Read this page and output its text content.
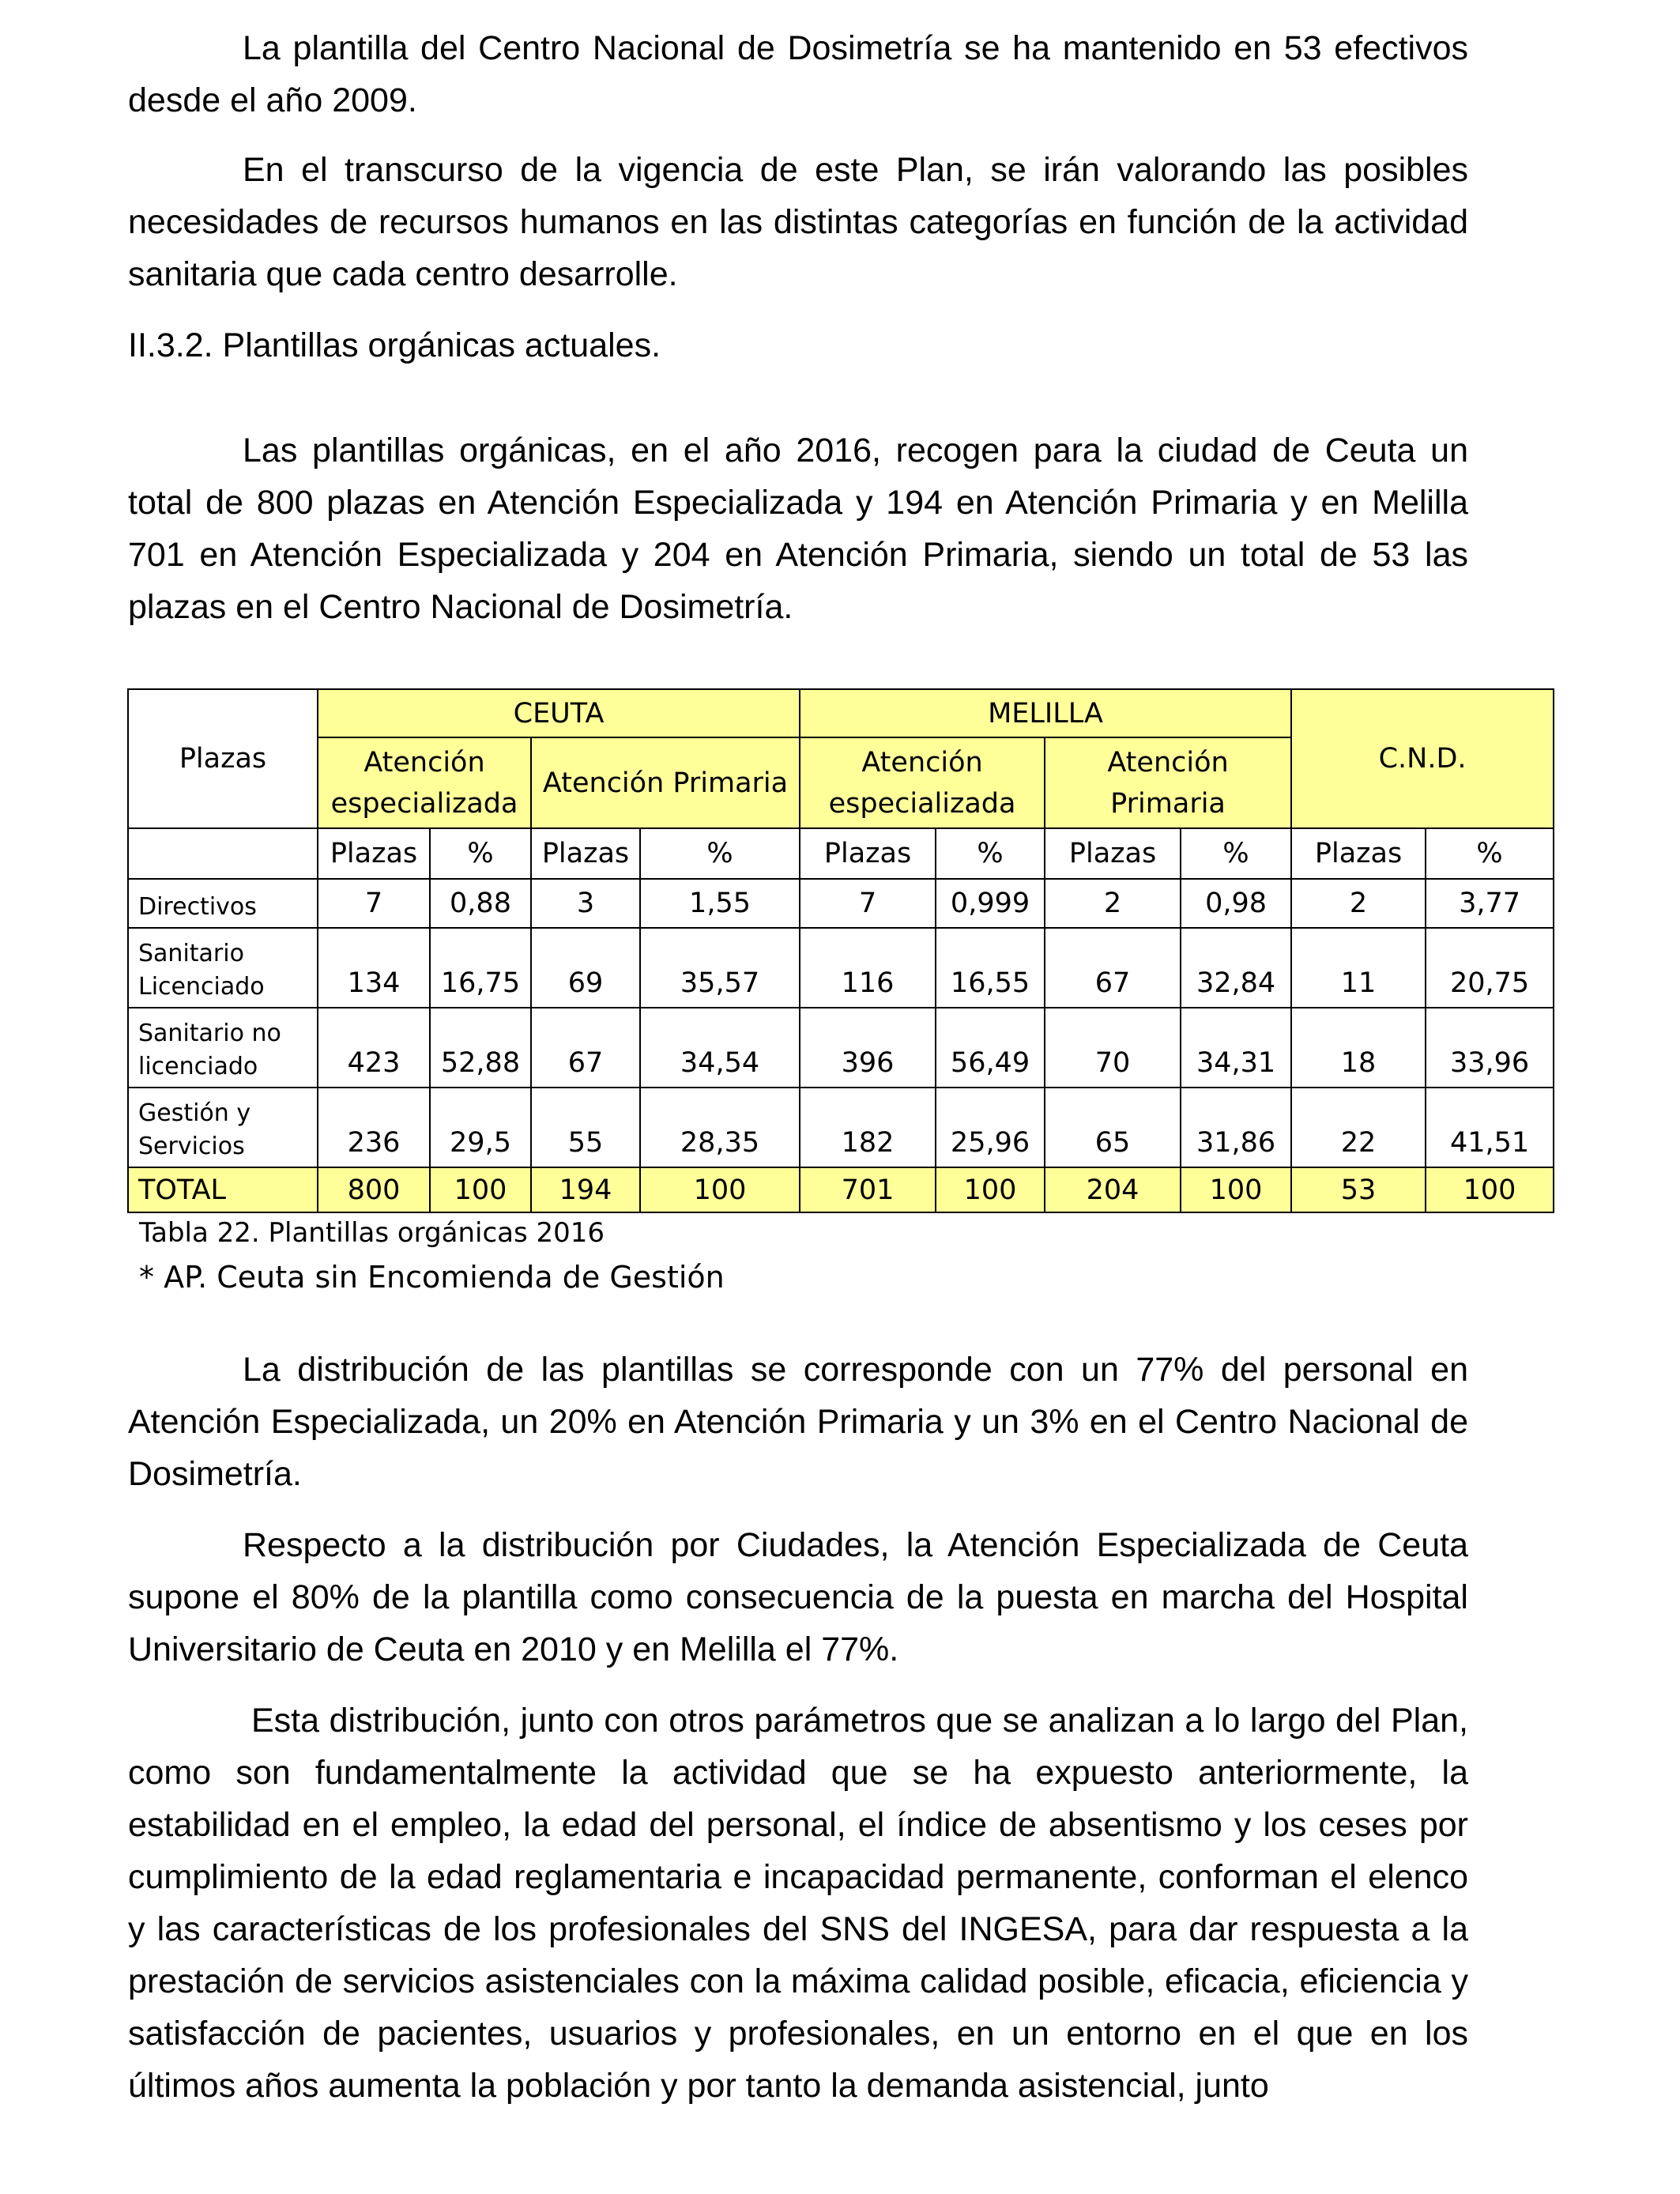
La plantilla del Centro Nacional de Dosimetría se ha mantenido en 53 efectivos desde el año 2009.

En el transcurso de la vigencia de este Plan, se irán valorando las posibles necesidades de recursos humanos en las distintas categorías en función de la actividad sanitaria que cada centro desarrolle.

II.3.2. Plantillas orgánicas actuales.

Las plantillas orgánicas, en el año 2016, recogen para la ciudad de Ceuta un total de 800 plazas en Atención Especializada y 194 en Atención Primaria y en Melilla 701 en Atención Especializada y 204 en Atención Primaria, siendo un total de 53 las plazas en el Centro Nacional de Dosimetría.

Plazas	CEUTA				MELILLA				C.N.D.	
	Atención especializada		Atención Primaria		Atención especializada		Atención Primaria			
	Plazas	%	Plazas	%	Plazas	%	Plazas	%	Plazas	%
Directivos	7	0,88	3	1,55	7	0,999	2	0,98	2	3,77
Sanitario Licenciado	134	16,75	69	35,57	116	16,55	67	32,84	11	20,75
Sanitario no licenciado	423	52,88	67	34,54	396	56,49	70	34,31	18	33,96
Gestión y Servicios	236	29,5	55	28,35	182	25,96	65	31,86	22	41,51
TOTAL	800	100	194	100	701	100	204	100	53	100
Tabla 22. Plantillas orgánicas 2016
* AP. Ceuta sin Encomienda de Gestión

La distribución de las plantillas se corresponde con un 77% del personal en Atención Especializada, un 20% en Atención Primaria y un 3% en el Centro Nacional de Dosimetría.

Respecto a la distribución por Ciudades, la Atención Especializada de Ceuta supone el 80% de la plantilla como consecuencia de la puesta en marcha del Hospital Universitario de Ceuta en 2010 y en Melilla el 77%.

Esta distribución, junto con otros parámetros que se analizan a lo largo del Plan, como son fundamentalmente la actividad que se ha expuesto anteriormente, la estabilidad en el empleo, la edad del personal, el índice de absentismo y los ceses por cumplimiento de la edad reglamentaria e incapacidad permanente, conforman el elenco y las características de los profesionales del SNS del INGESA, para dar respuesta a la prestación de servicios asistenciales con la máxima calidad posible, eficacia, eficiencia y satisfacción de pacientes, usuarios y profesionales, en un entorno en el que en los últimos años aumenta la población y por tanto la demanda asistencial, junto
